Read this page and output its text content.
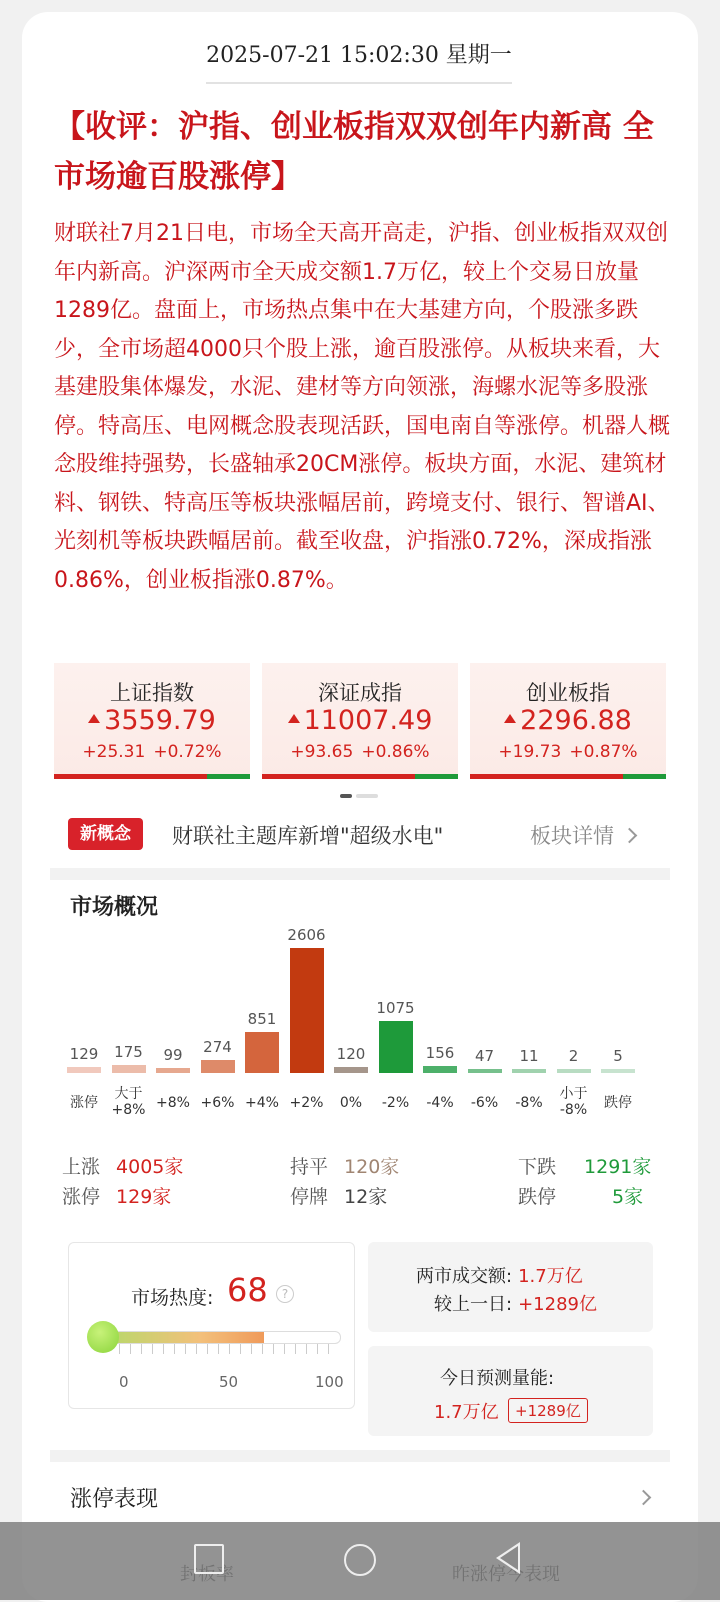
2025-07-21 15:02:30 星期一
【收评：沪指、创业板指双双创年内新高 全市场逾百股涨停】
财联社7月21日电，市场全天高开高走，沪指、创业板指双双创年内新高。沪深两市全天成交额1.7万亿，较上个交易日放量1289亿。盘面上，市场热点集中在大基建方向，个股涨多跌少，全市场超4000只个股上涨，逾百股涨停。从板块来看，大基建股集体爆发，水泥、建材等方向领涨，海螺水泥等多股涨停。特高压、电网概念股表现活跃，国电南自等涨停。机器人概念股维持强势，长盛轴承20CM涨停。板块方面，水泥、建筑材料、钢铁、特高压等板块涨幅居前，跨境支付、银行、智谱AI、光刻机等板块跌幅居前。截至收盘，沪指涨0.72%，深成指涨0.86%，创业板指涨0.87%。
上证指数
3559.79
+25.31 +0.72%
深证成指
11007.49
+93.65 +0.86%
创业板指
2296.88
+19.73 +0.87%
新概念	财联社主题库新增"超级水电"	板块详情
市场概况
129
涨停
175
大于
+8%
99
+8%
274
+6%
851
+4%
2606
+2%
120
0%
1075
-2%
156
-4%
47
-6%
11
-8%
2
小于
-8%
5
跌停
上涨 4005家	持平 120家	下跌 1291家
涨停 129家	停牌 12家	跌停	5家
市场热度: 68	?
0	50	100
两市成交额: 1.7万亿
较上一日: +1289亿
今日预测量能:
1.7万亿	+1289亿
涨停表现
